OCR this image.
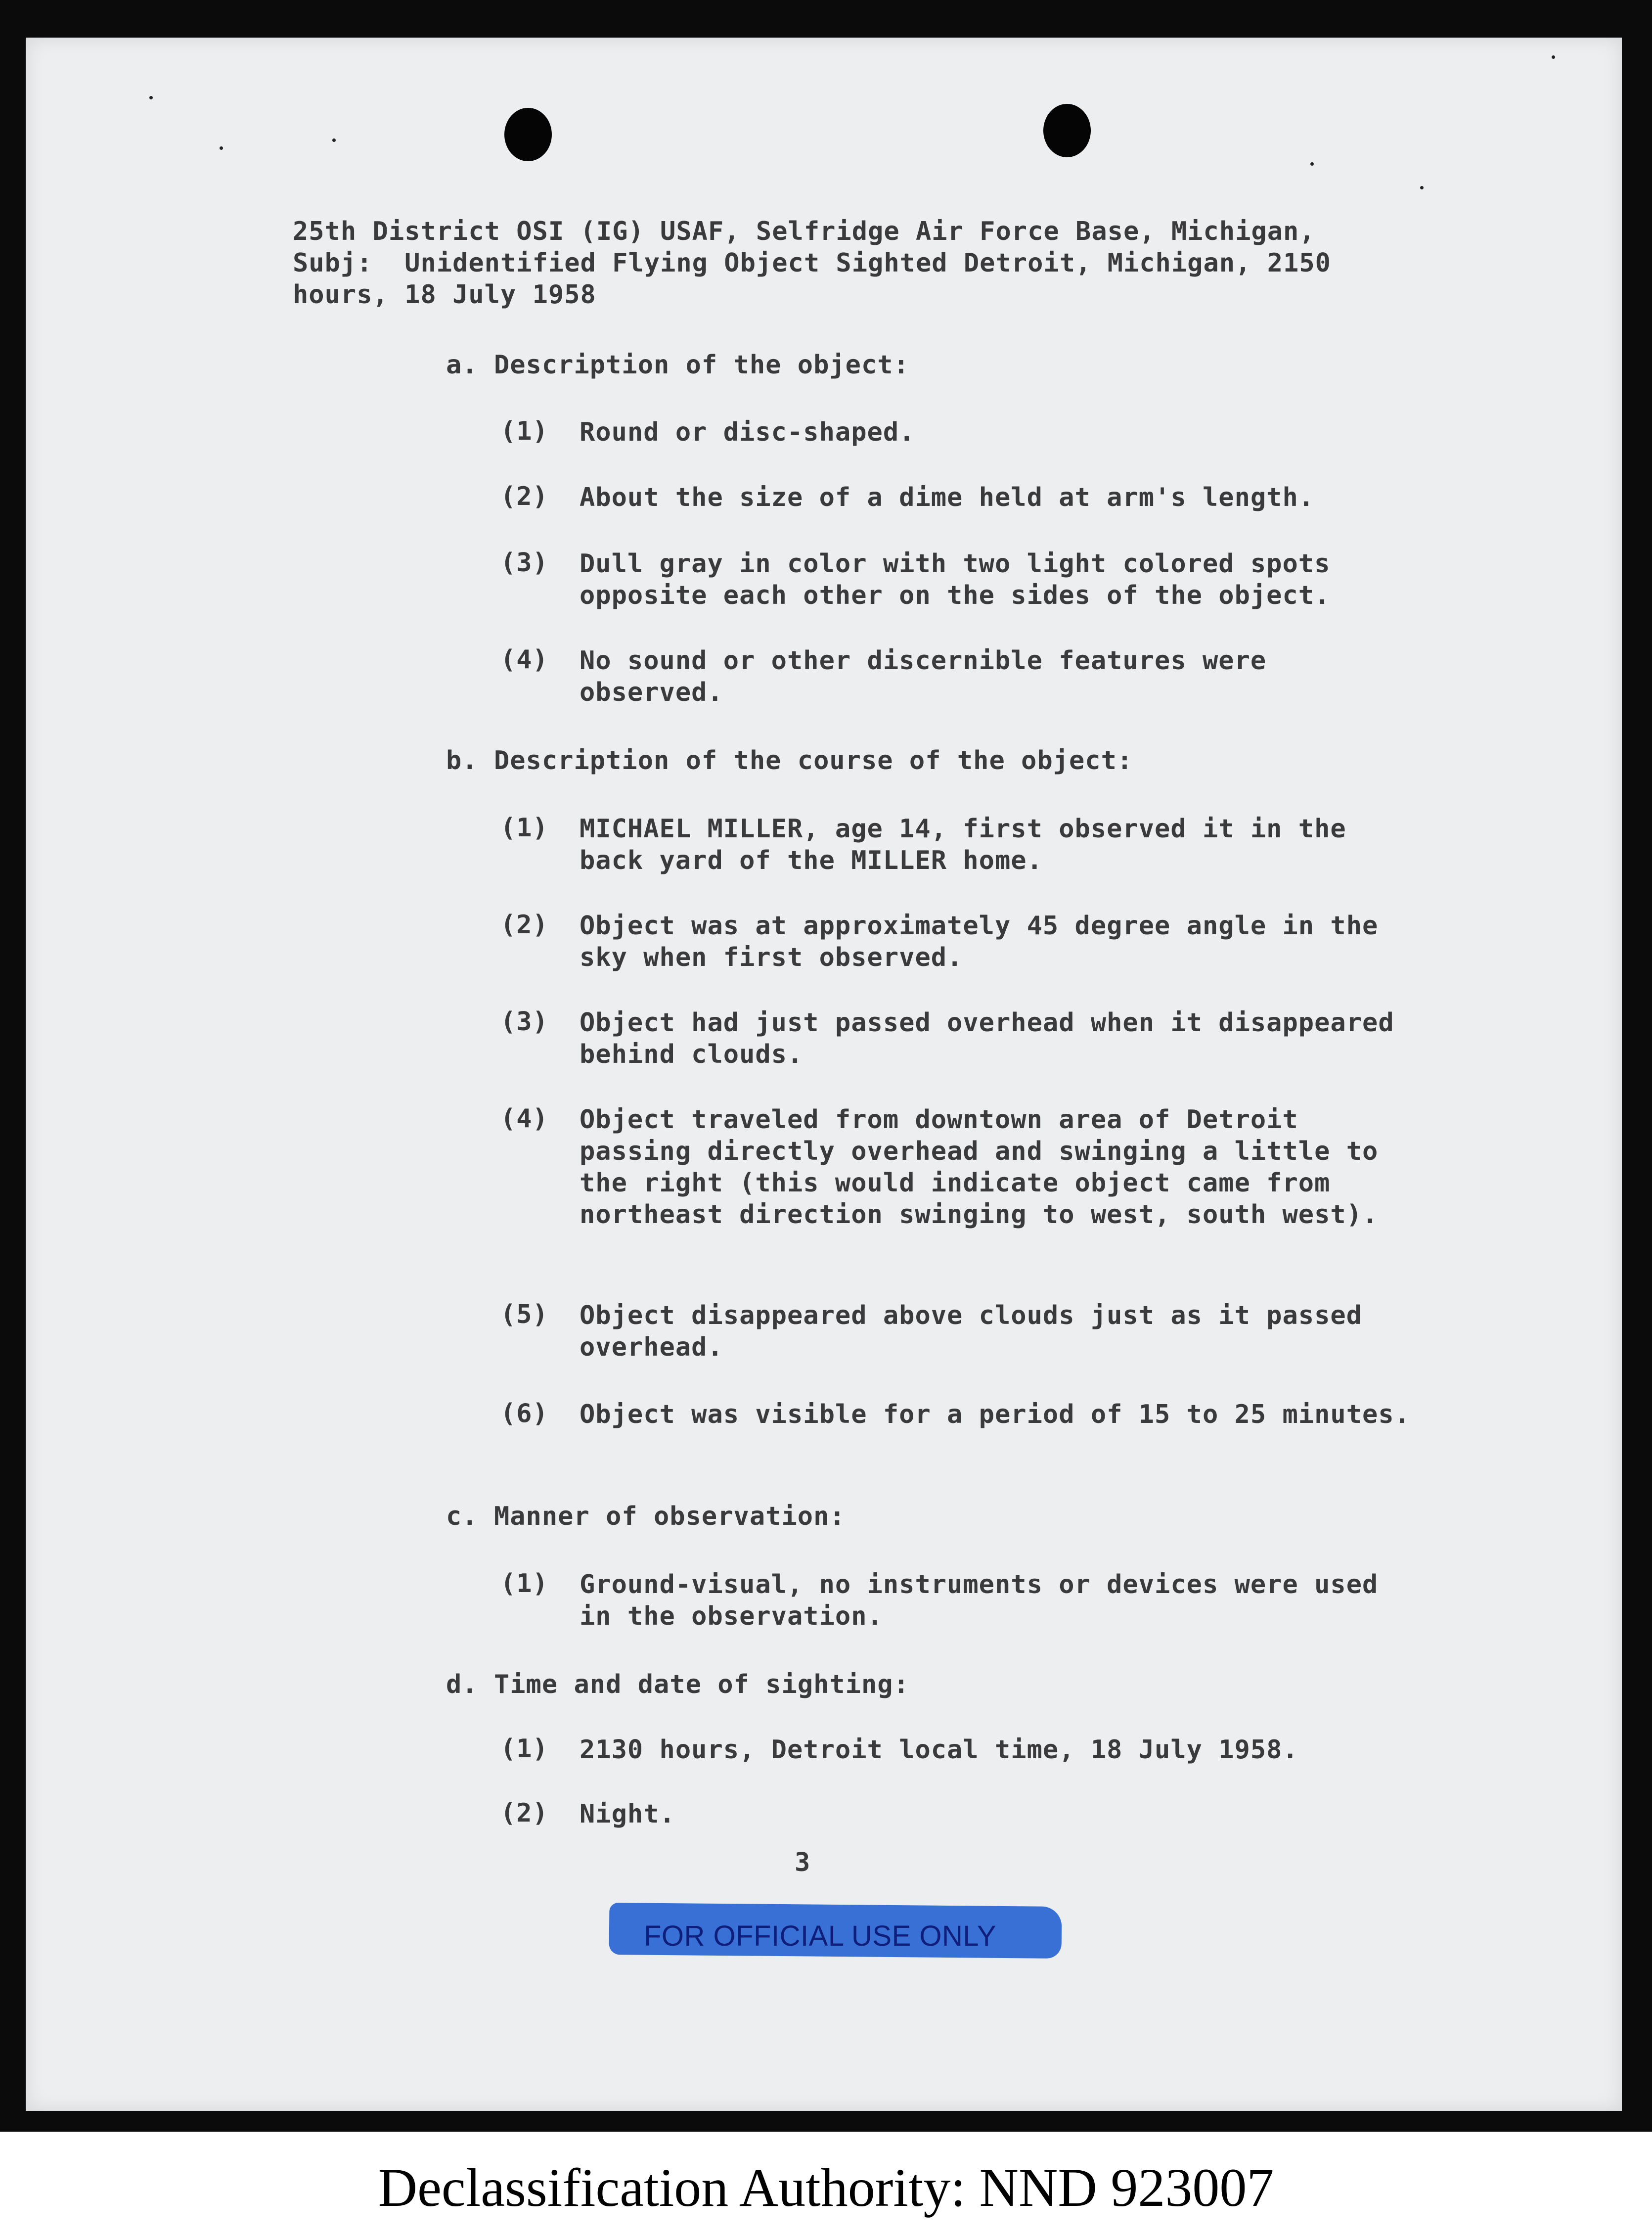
25th District OSI (IG) USAF, Selfridge Air Force Base, Michigan,
Subj:  Unidentified Flying Object Sighted Detroit, Michigan, 2150
hours, 18 July 1958
a. Description of the object:
(1) Round or disc-shaped.
(2) About the size of a dime held at arm's length.
(3) Dull gray in color with two light colored spots opposite each other on the sides of the object.
(4) No sound or other discernible features were observed.
b. Description of the course of the object:
(1) MICHAEL MILLER, age 14, first observed it in the back yard of the MILLER home.
(2) Object was at approximately 45 degree angle in the sky when first observed.
(3) Object had just passed overhead when it disappeared behind clouds.
(4) Object traveled from downtown area of Detroit passing directly overhead and swinging a little to the right (this would indicate object came from northeast direction swinging to west, south west).
(5) Object disappeared above clouds just as it passed overhead.
(6) Object was visible for a period of 15 to 25 minutes.
c. Manner of observation:
(1) Ground-visual, no instruments or devices were used in the observation.
d. Time and date of sighting:
(1) 2130 hours, Detroit local time, 18 July 1958.
(2) Night.
3
FOR OFFICIAL USE ONLY
Declassification Authority: NND 923007
